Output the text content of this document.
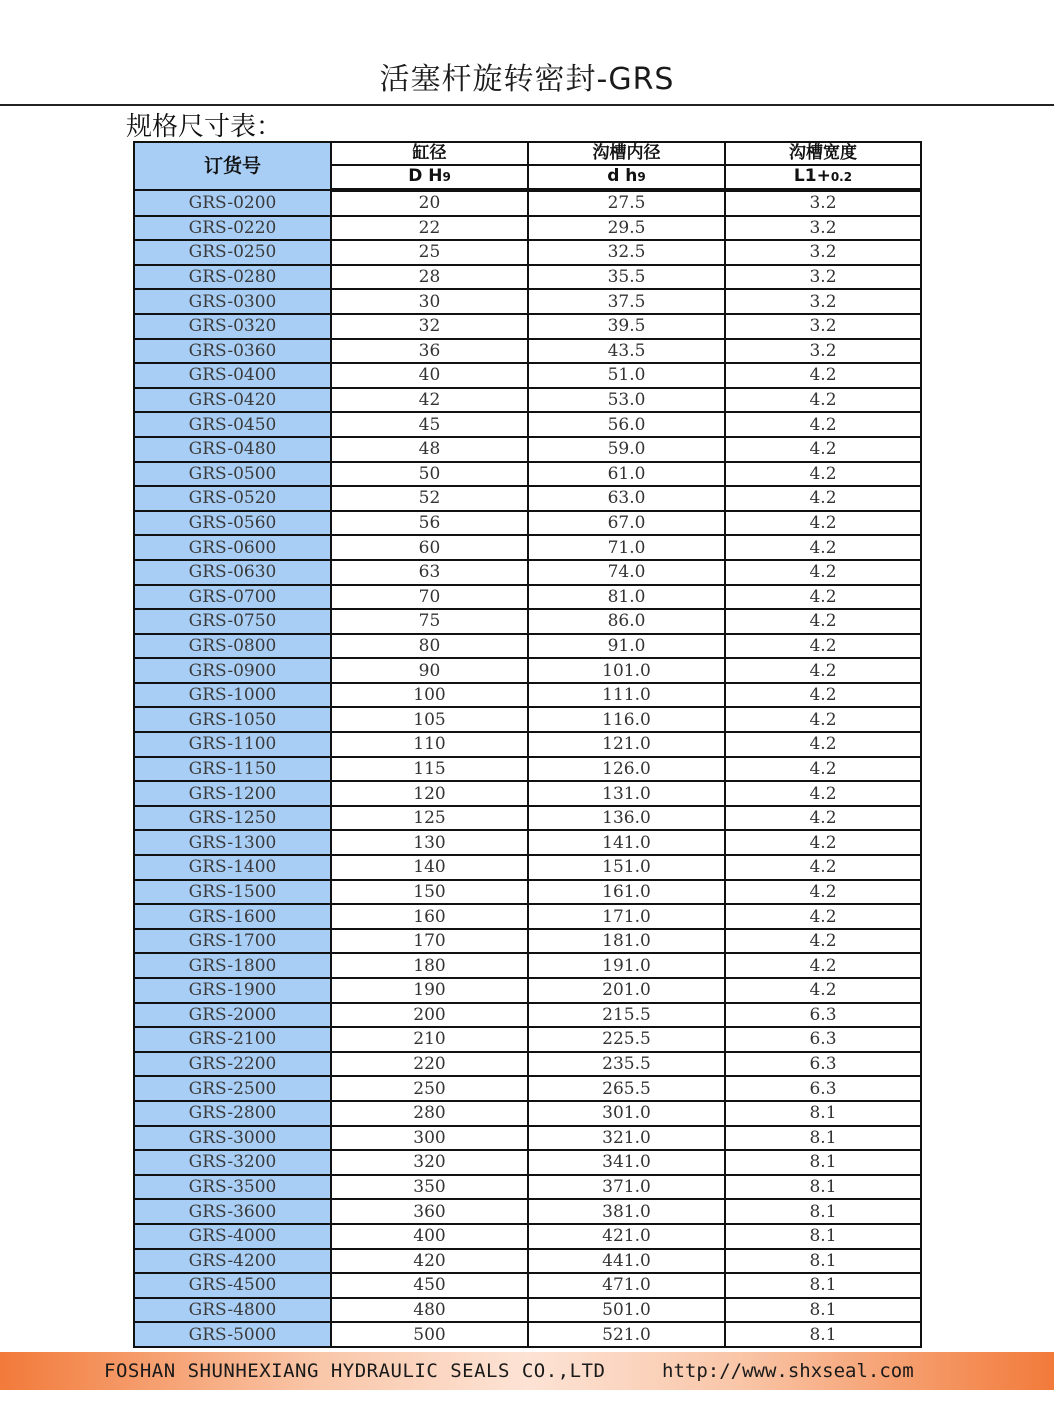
活塞杆旋转密封-GRS
规格尺寸表：
订货号	缸径	沟槽内径	沟槽宽度
	D H9	d h9	L1+0.2
GRS-0200	20	27.5	3.2
GRS-0220	22	29.5	3.2
GRS-0250	25	32.5	3.2
GRS-0280	28	35.5	3.2
GRS-0300	30	37.5	3.2
GRS-0320	32	39.5	3.2
GRS-0360	36	43.5	3.2
GRS-0400	40	51.0	4.2
GRS-0420	42	53.0	4.2
GRS-0450	45	56.0	4.2
GRS-0480	48	59.0	4.2
GRS-0500	50	61.0	4.2
GRS-0520	52	63.0	4.2
GRS-0560	56	67.0	4.2
GRS-0600	60	71.0	4.2
GRS-0630	63	74.0	4.2
GRS-0700	70	81.0	4.2
GRS-0750	75	86.0	4.2
GRS-0800	80	91.0	4.2
GRS-0900	90	101.0	4.2
GRS-1000	100	111.0	4.2
GRS-1050	105	116.0	4.2
GRS-1100	110	121.0	4.2
GRS-1150	115	126.0	4.2
GRS-1200	120	131.0	4.2
GRS-1250	125	136.0	4.2
GRS-1300	130	141.0	4.2
GRS-1400	140	151.0	4.2
GRS-1500	150	161.0	4.2
GRS-1600	160	171.0	4.2
GRS-1700	170	181.0	4.2
GRS-1800	180	191.0	4.2
GRS-1900	190	201.0	4.2
GRS-2000	200	215.5	6.3
GRS-2100	210	225.5	6.3
GRS-2200	220	235.5	6.3
GRS-2500	250	265.5	6.3
GRS-2800	280	301.0	8.1
GRS-3000	300	321.0	8.1
GRS-3200	320	341.0	8.1
GRS-3500	350	371.0	8.1
GRS-3600	360	381.0	8.1
GRS-4000	400	421.0	8.1
GRS-4200	420	441.0	8.1
GRS-4500	450	471.0	8.1
GRS-4800	480	501.0	8.1
GRS-5000	500	521.0	8.1
FOSHAN SHUNHEXIANG HYDRAULIC SEALS CO.,LTD	http://www.shxseal.com
